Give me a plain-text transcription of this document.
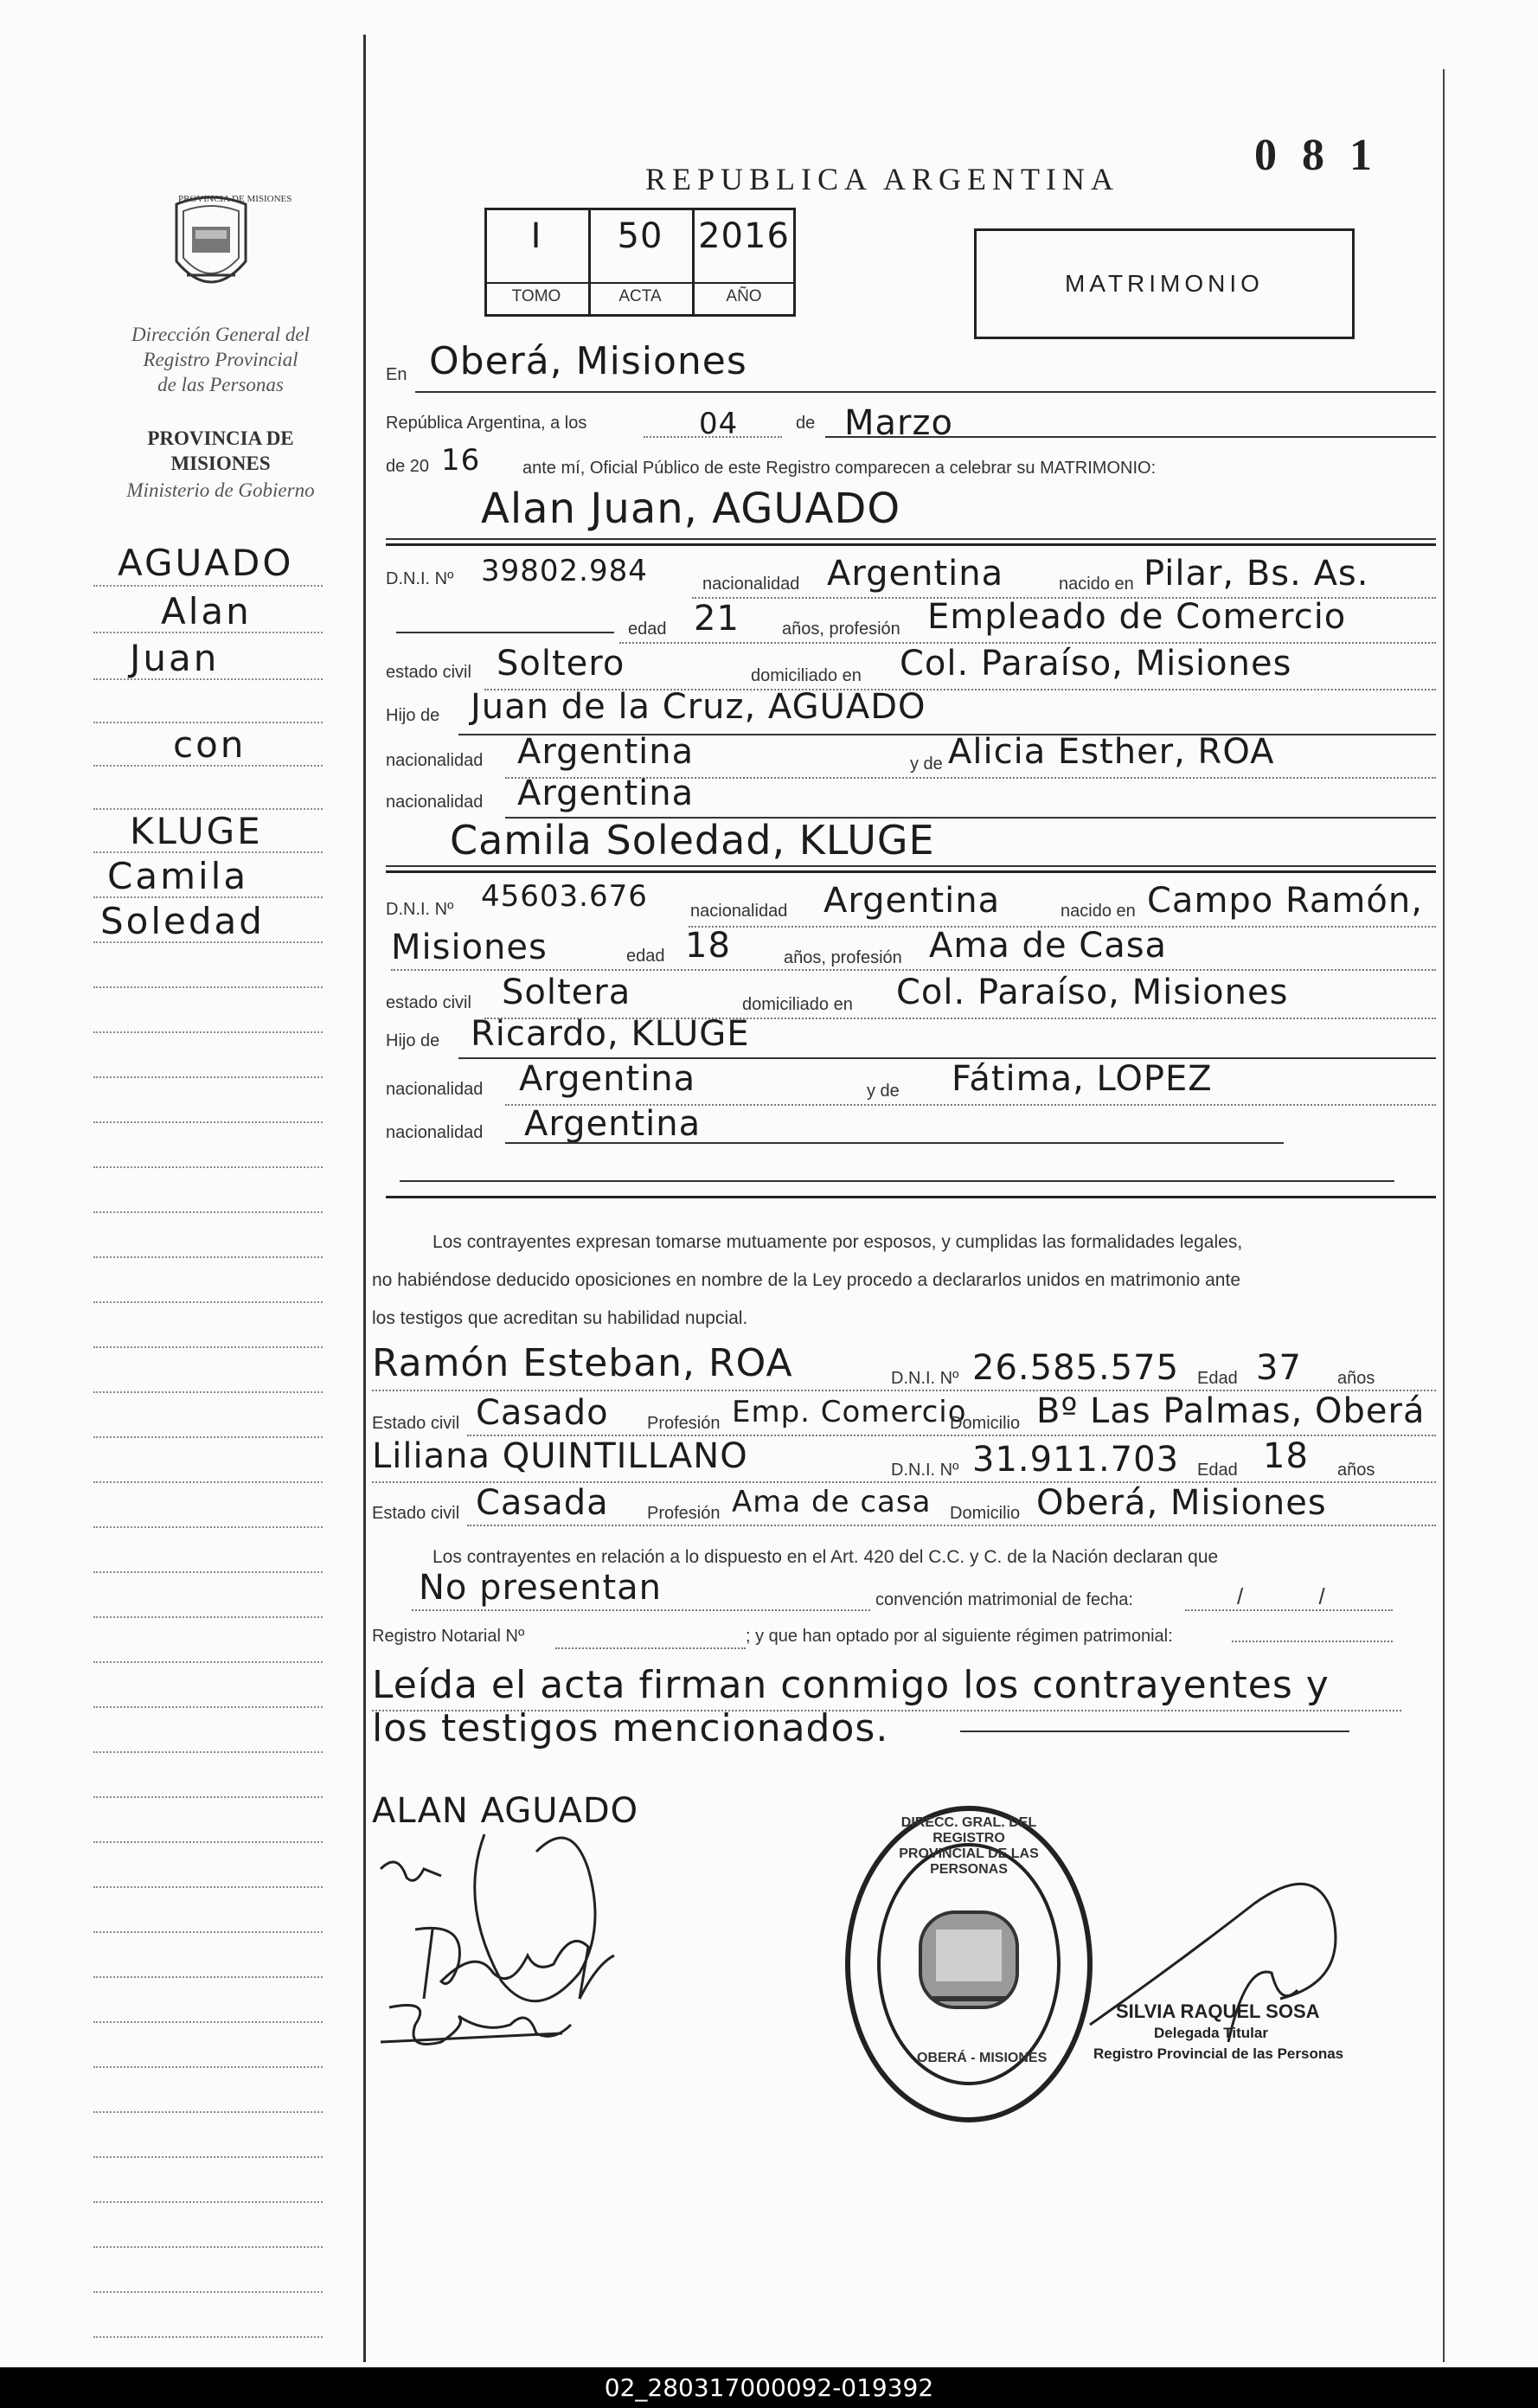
0 8 1
PROVINCIA DE MISIONES
Dirección General del
Registro Provincial
de las Personas
PROVINCIA DE
MISIONES
Ministerio de Gobierno
AGUADO
Alan
Juan
con
KLUGE
Camila
Soledad
REPUBLICA ARGENTINA
I	50	2016
TOMO	ACTA	AÑO	MATRIMONIO
En Oberá, Misiones
República Argentina, a los	04	de Marzo
de 20 16 ante mí, Oficial Público de este Registro comparecen a celebrar su MATRIMONIO:
Alan Juan, AGUADO
D.N.I. Nº 39802.984	nacionalidad Argentina	nacido en Pilar, Bs. As.
edad 21 años, profesión Empleado de Comercio
estado civil Soltero	domiciliado en Col. Paraíso, Misiones
Hijo de Juan de la Cruz, AGUADO
nacionalidad Argentina	y de Alicia Esther, ROA
nacionalidad Argentina
Camila Soledad, KLUGE
D.N.I. Nº 45603.676 nacionalidad Argentina	nacido en Campo Ramón,
Misiones	edad 18	años, profesión Ama de Casa
estado civil Soltera	domiciliado en Col. Paraíso, Misiones
Hijo de Ricardo, KLUGE
nacionalidad Argentina	y de Fátima, LOPEZ
nacionalidad Argentina
Los contrayentes expresan tomarse mutuamente por esposos, y cumplidas las formalidades legales,
no habiéndose deducido oposiciones en nombre de la Ley procedo a declararlos unidos en matrimonio ante
los testigos que acreditan su habilidad nupcial.
Ramón Esteban, ROA	D.N.I. Nº 26.585.575 Edad 37 años
Estado civil Casado Profesión Emp. Comercio
Domicilio Bº Las Palmas, Oberá
Liliana QUINTILLANO	D.N.I. Nº 31.911.703 Edad 18 años
Estado civil Casada Profesión Ama de casa Domicilio Oberá, Misiones
Los contrayentes en relación a lo dispuesto en el Art. 420 del C.C. y C. de la Nación declaran que
No presentan	convención matrimonial de fecha:	/ /
Registro Notarial Nº	; y que han optado por al siguiente régimen patrimonial:
Leída el acta firman conmigo los contrayentes y
los testigos mencionados.
ALAN AGUADO	DIRECC. GRAL. DEL REGISTRO PROVINCIAL DE LAS PERSONAS
OBERÁ - MISIONES
SILVIA RAQUEL SOSA
Delegada Titular
Registro Provincial de las Personas
02_280317000092-019392
